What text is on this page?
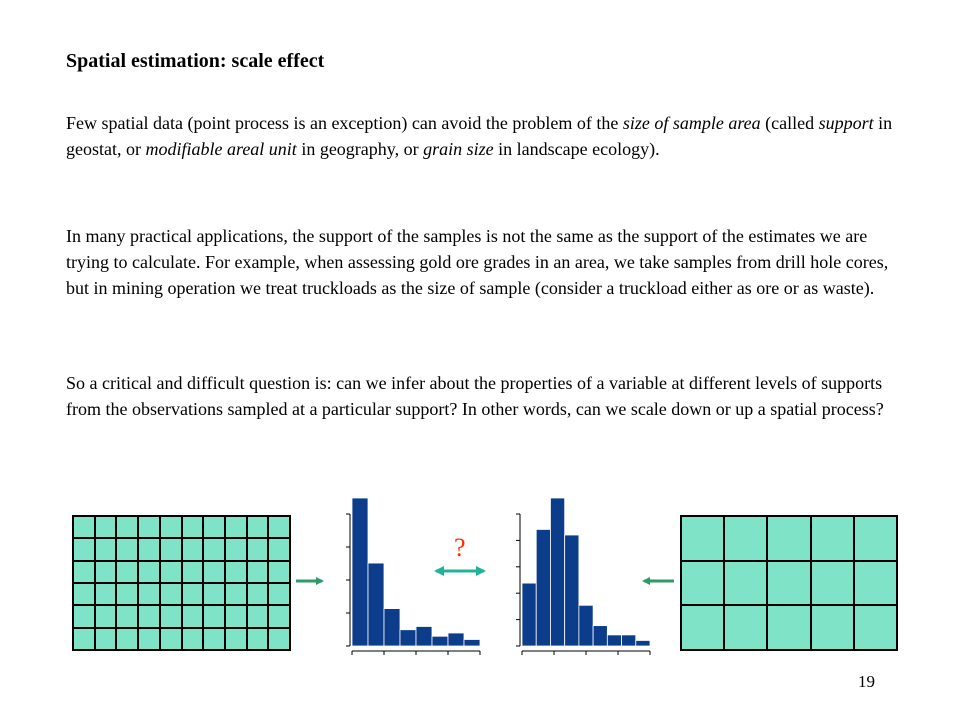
Spatial estimation: scale effect

Few spatial data (point process is an exception) can avoid the problem of the size of sample area (called support in geostat, or modifiable areal unit in geography, or grain size in landscape ecology).

In many practical applications, the support of the samples is not the same as the support of the estimates we are trying to calculate. For example, when assessing gold ore grades in an area, we take samples from drill hole cores, but in mining operation we treat truckloads as the size of sample (consider a truckload either as ore or as waste).

So a critical and difficult question is: can we infer about the properties of a variable at different levels of supports from the observations sampled at a particular support? In other words, can we scale down or up a spatial process?

?
19
